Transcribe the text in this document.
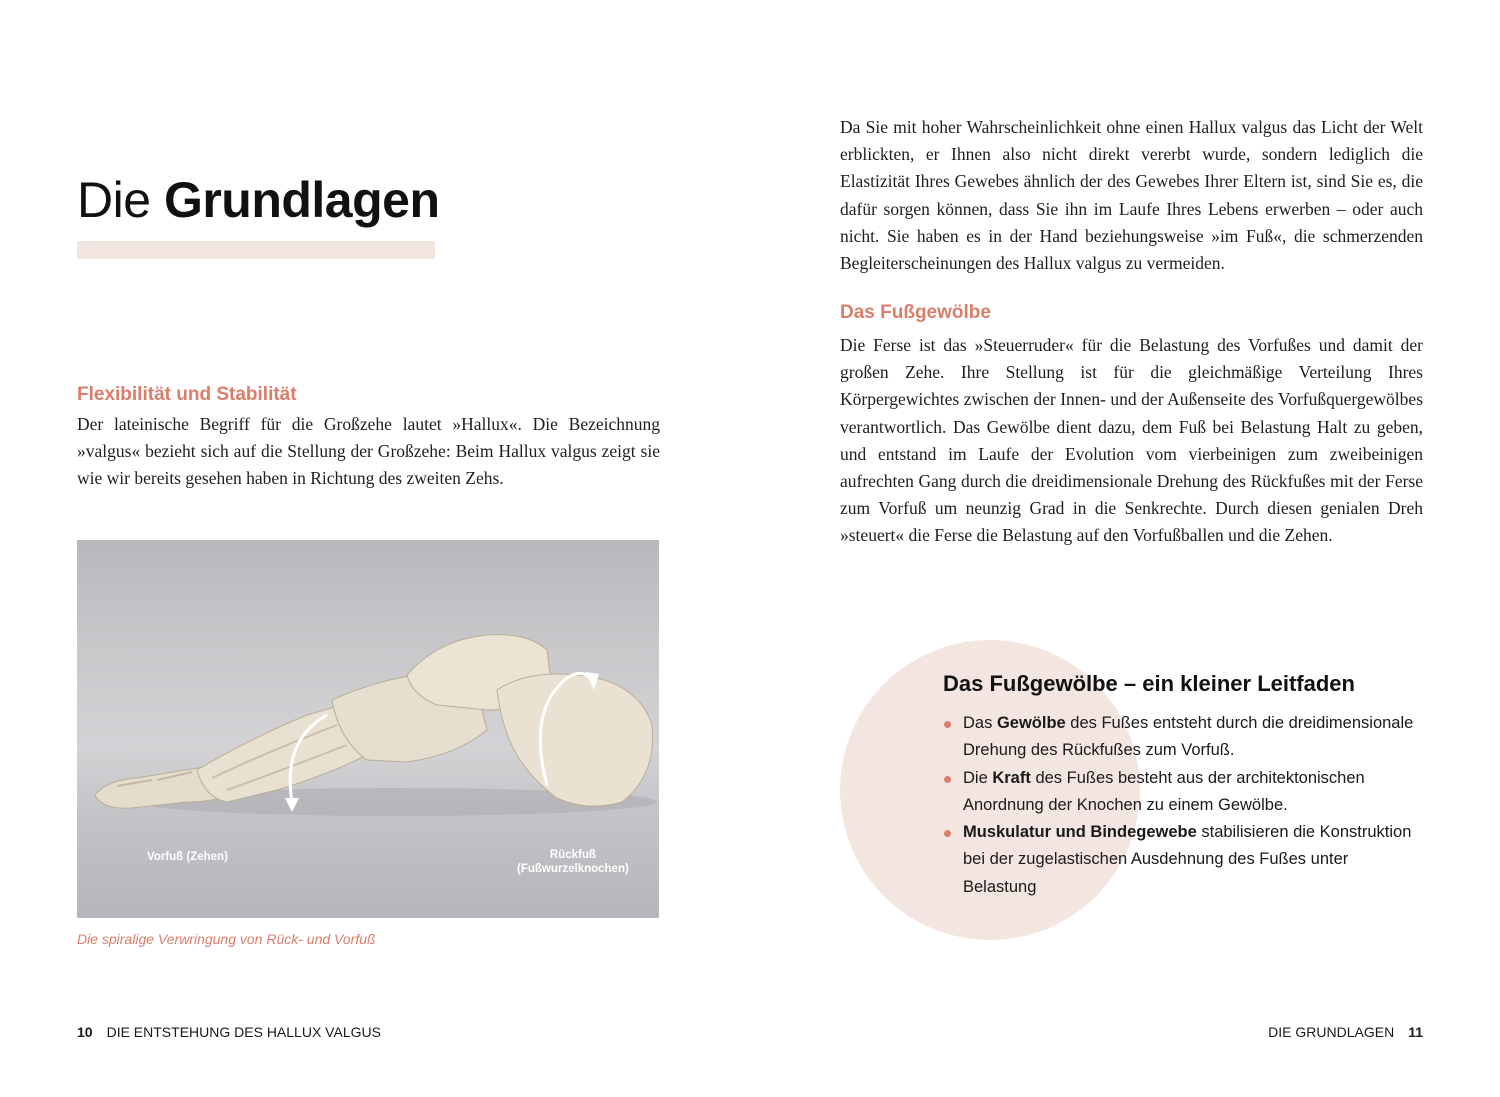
Die Grundlagen
Flexibilität und Stabilität

Der lateinische Begriff für die Großzehe lautet »Hallux«. Die Bezeichnung »valgus« bezieht sich auf die Stellung der Großzehe: Beim Hallux valgus zeigt sie wie wir bereits gesehen haben in Richtung des zweiten Zehs.

Vorfuß (Zehen)	Rückfuß
(Fußwurzelknochen)
Die spiralige Verwringung von Rück- und Vorfuß
10 DIE ENTSTEHUNG DES HALLUX VALGUS

Da Sie mit hoher Wahrscheinlichkeit ohne einen Hallux valgus das Licht der Welt erblickten, er Ihnen also nicht direkt vererbt wurde, sondern lediglich die Elastizität Ihres Gewebes ähnlich der des Gewebes Ihrer Eltern ist, sind Sie es, die dafür sorgen können, dass Sie ihn im Laufe Ihres Lebens erwerben – oder auch nicht. Sie haben es in der Hand beziehungsweise »im Fuß«, die schmerzenden Begleiterscheinungen des Hallux valgus zu vermeiden.

Das Fußgewölbe

Die Ferse ist das »Steuerruder« für die Belastung des Vorfußes und damit der großen Zehe. Ihre Stellung ist für die gleichmäßige Verteilung Ihres Körpergewichtes zwischen der Innen- und der Außenseite des Vorfußquergewölbes verantwortlich. Das Gewölbe dient dazu, dem Fuß bei Belastung Halt zu geben, und entstand im Laufe der Evolution vom vierbeinigen zum zweibeinigen aufrechten Gang durch die dreidimensionale Drehung des Rückfußes mit der Ferse zum Vorfuß um neunzig Grad in die Senkrechte. Durch diesen genialen Dreh »steuert« die Ferse die Belastung auf den Vorfußballen und die Zehen.

Das Fußgewölbe – ein kleiner Leitfaden
Das Gewölbe des Fußes entsteht durch die dreidimensionale Drehung des Rückfußes zum Vorfuß.
Die Kraft des Fußes besteht aus der architektonischen Anordnung der Knochen zu einem Gewölbe.
Muskulatur und Bindegewebe stabilisieren die Konstruktion bei der zugelastischen Ausdehnung des Fußes unter Belastung
DIE GRUNDLAGEN 11
